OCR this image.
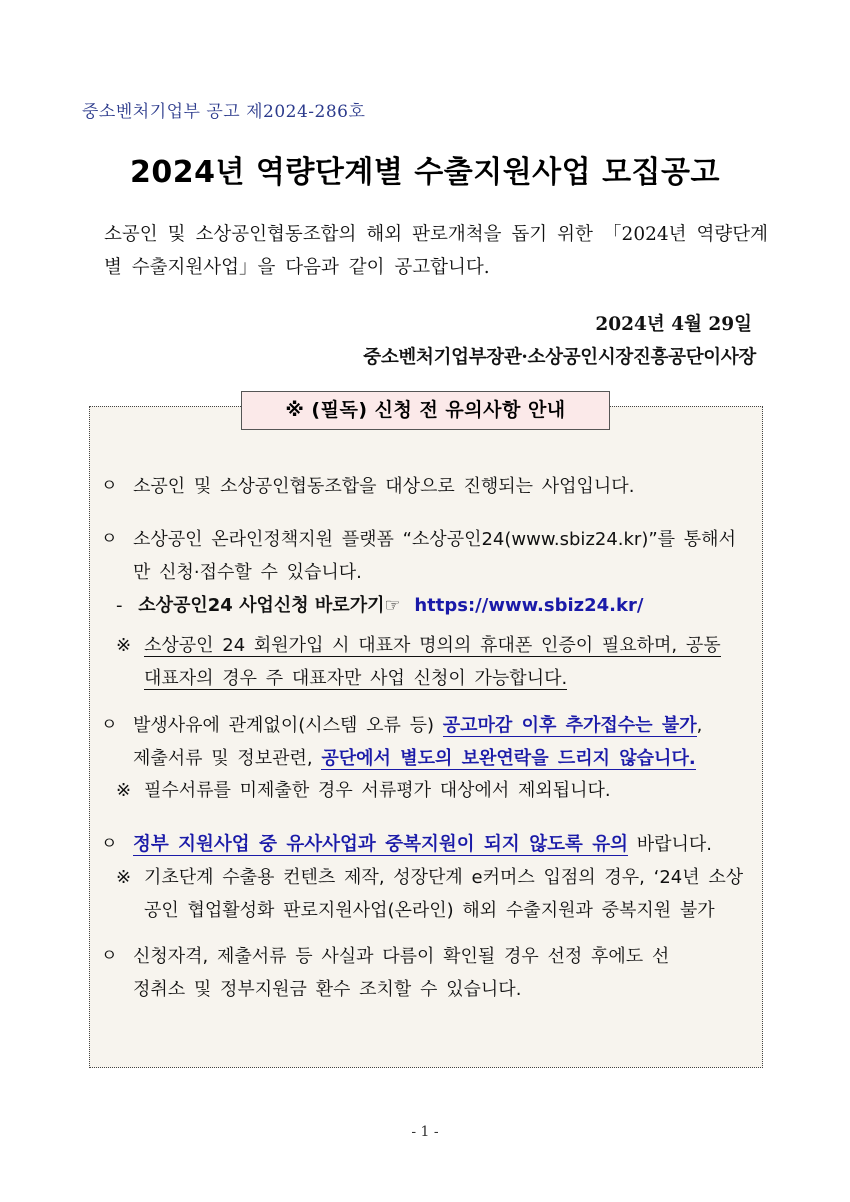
중소벤처기업부 공고 제2024-286호
2024년 역량단계별 수출지원사업 모집공고
소공인 및 소상공인협동조합의 해외 판로개척을 돕기 위한 「2024년 역량단계별 수출지원사업」을 다음과 같이 공고합니다.
2024년 4월 29일
중소벤처기업부장관·소상공인시장진흥공단이사장
※ (필독) 신청 전 유의사항 안내
ㅇ 소공인 및 소상공인협동조합을 대상으로 진행되는 사업입니다.
ㅇ 소상공인 온라인정책지원 플랫폼 “소상공인24(www.sbiz24.kr)”를 통해서
만 신청·접수할 수 있습니다.
- 소상공인24 사업신청 바로가기☞ https://www.sbiz24.kr/
※ 소상공인 24 회원가입 시 대표자 명의의 휴대폰 인증이 필요하며, 공동
대표자의 경우 주 대표자만 사업 신청이 가능합니다.
ㅇ 발생사유에 관계없이(시스템 오류 등) 공고마감 이후 추가접수는 불가,
제출서류 및 정보관련, 공단에서 별도의 보완연락을 드리지 않습니다.
※ 필수서류를 미제출한 경우 서류평가 대상에서 제외됩니다.
ㅇ 정부 지원사업 중 유사사업과 중복지원이 되지 않도록 유의 바랍니다.
※ 기초단계 수출용 컨텐츠 제작, 성장단계 e커머스 입점의 경우, ‘24년 소상
공인 협업활성화 판로지원사업(온라인) 해외 수출지원과 중복지원 불가
ㅇ 신청자격, 제출서류 등 사실과 다름이 확인될 경우 선정 후에도 선
정취소 및 정부지원금 환수 조치할 수 있습니다.
- 1 -
